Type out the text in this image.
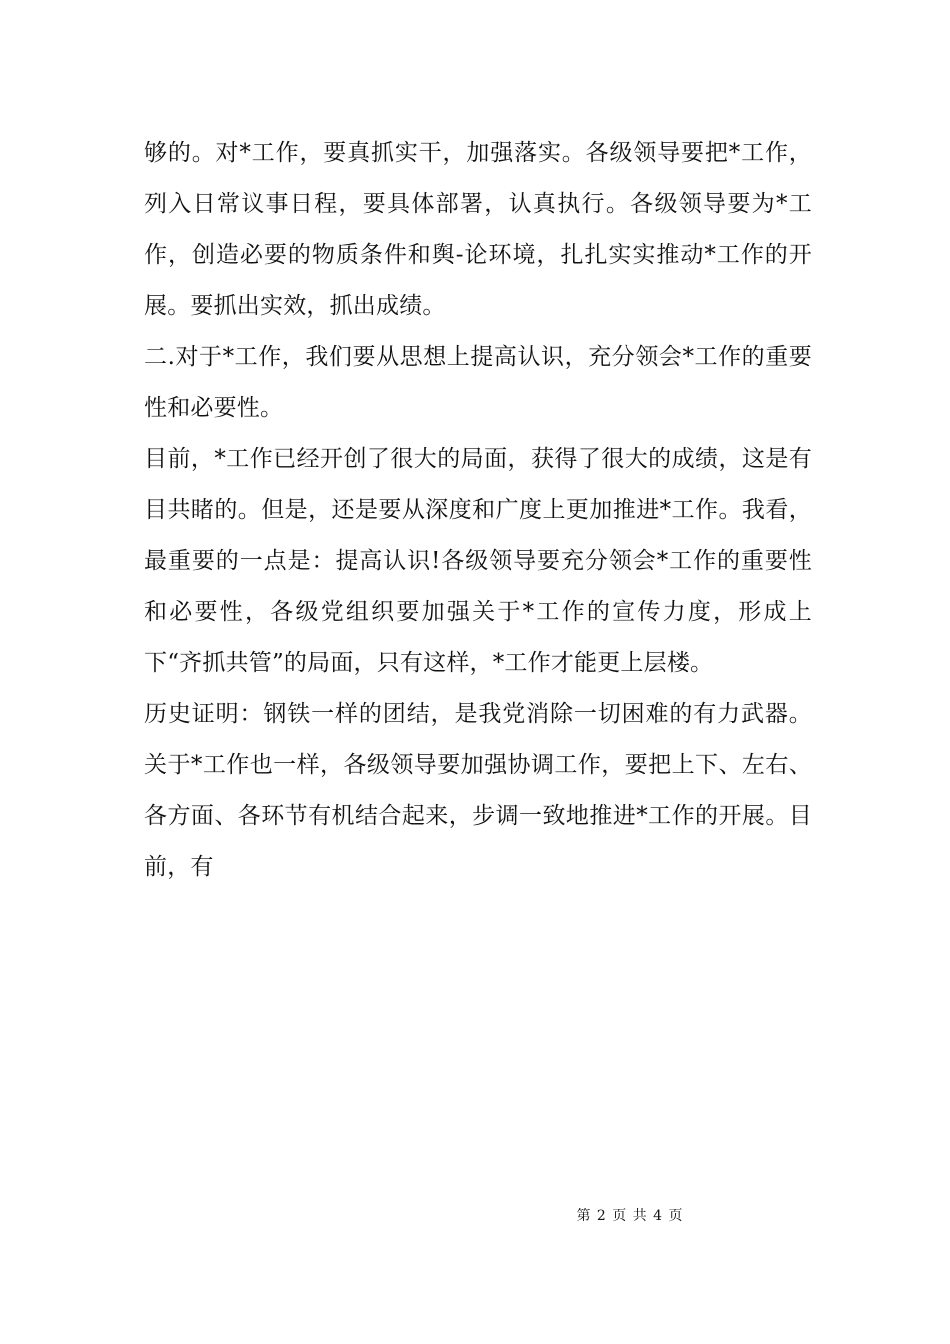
够的。对*工作，要真抓实干，加强落实。各级领导要把*工作，列入日常议事日程，要具体部署，认真执行。各级领导要为*工作，创造必要的物质条件和舆-论环境，扎扎实实推动*工作的开展。要抓出实效，抓出成绩。

二.对于*工作，我们要从思想上提高认识，充分领会*工作的重要性和必要性。

目前，*工作已经开创了很大的局面，获得了很大的成绩，这是有目共睹的。但是，还是要从深度和广度上更加推进*工作。我看，最重要的一点是：提高认识!各级领导要充分领会*工作的重要性和必要性，各级党组织要加强关于*工作的宣传力度，形成上下“齐抓共管”的局面，只有这样，*工作才能更上层楼。

历史证明：钢铁一样的团结，是我党消除一切困难的有力武器。关于*工作也一样，各级领导要加强协调工作，要把上下、左右、各方面、各环节有机结合起来，步调一致地推进*工作的开展。目前，有

第 2 页 共 4 页
